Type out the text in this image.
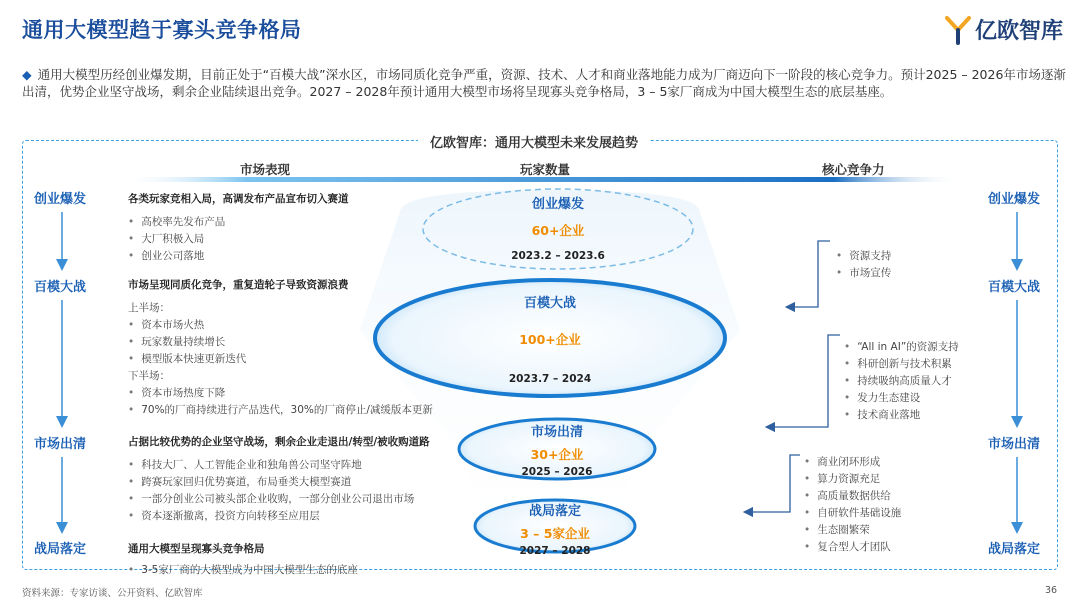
通用大模型趋于寡头竞争格局	亿欧智库
◆ 通用大模型历经创业爆发期，目前正处于“百模大战”深水区，市场同质化竞争严重，资源、技术、人才和商业落地能力成为厂商迈向下一阶段的核心竞争力。预计2025 – 2026年市场逐渐出清，优势企业坚守战场，剩余企业陆续退出竞争。2027 – 2028年预计通用大模型市场将呈现寡头竞争格局，3 – 5家厂商成为中国大模型生态的底层基座。
亿欧智库：通用大模型未来发展趋势
市场表现	玩家数量	核心竞争力
创业爆发
百模大战
市场出清
战局落定
创业爆发
百模大战
市场出清
战局落定
各类玩家竞相入局，高调发布产品宣布切入赛道
• 高校率先发布产品
• 大厂积极入局
• 创业公司落地
市场呈现同质化竞争，重复造轮子导致资源浪费
上半场：
• 资本市场火热
• 玩家数量持续增长
• 模型版本快速更新迭代
下半场：
• 资本市场热度下降
• 70%的厂商持续进行产品迭代，30%的厂商停止/减缓版本更新
占据比较优势的企业坚守战场，剩余企业走退出/转型/被收购道路
• 科技大厂、人工智能企业和独角兽公司坚守阵地
• 跨赛玩家回归优势赛道，布局垂类大模型赛道
• 一部分创业公司被头部企业收购，一部分创业公司退出市场
• 资本逐渐撤离，投资方向转移至应用层
通用大模型呈现寡头竞争格局
• 3-5家厂商的大模型成为中国大模型生态的底座
创业爆发
60+企业
2023.2 – 2023.6
百模大战
100+企业
2023.7 – 2024
市场出清
30+企业
2025 – 2026
战局落定
3 – 5家企业
2027 – 2028
• 资源支持
• 市场宣传
• “All in AI”的资源支持
• 科研创新与技术积累
• 持续吸纳高质量人才
• 发力生态建设
• 技术商业落地
• 商业闭环形成
• 算力资源充足
• 高质量数据供给
• 自研软件基础设施
• 生态圈繁荣
• 复合型人才团队
资料来源：专家访谈、公开资料、亿欧智库	36
